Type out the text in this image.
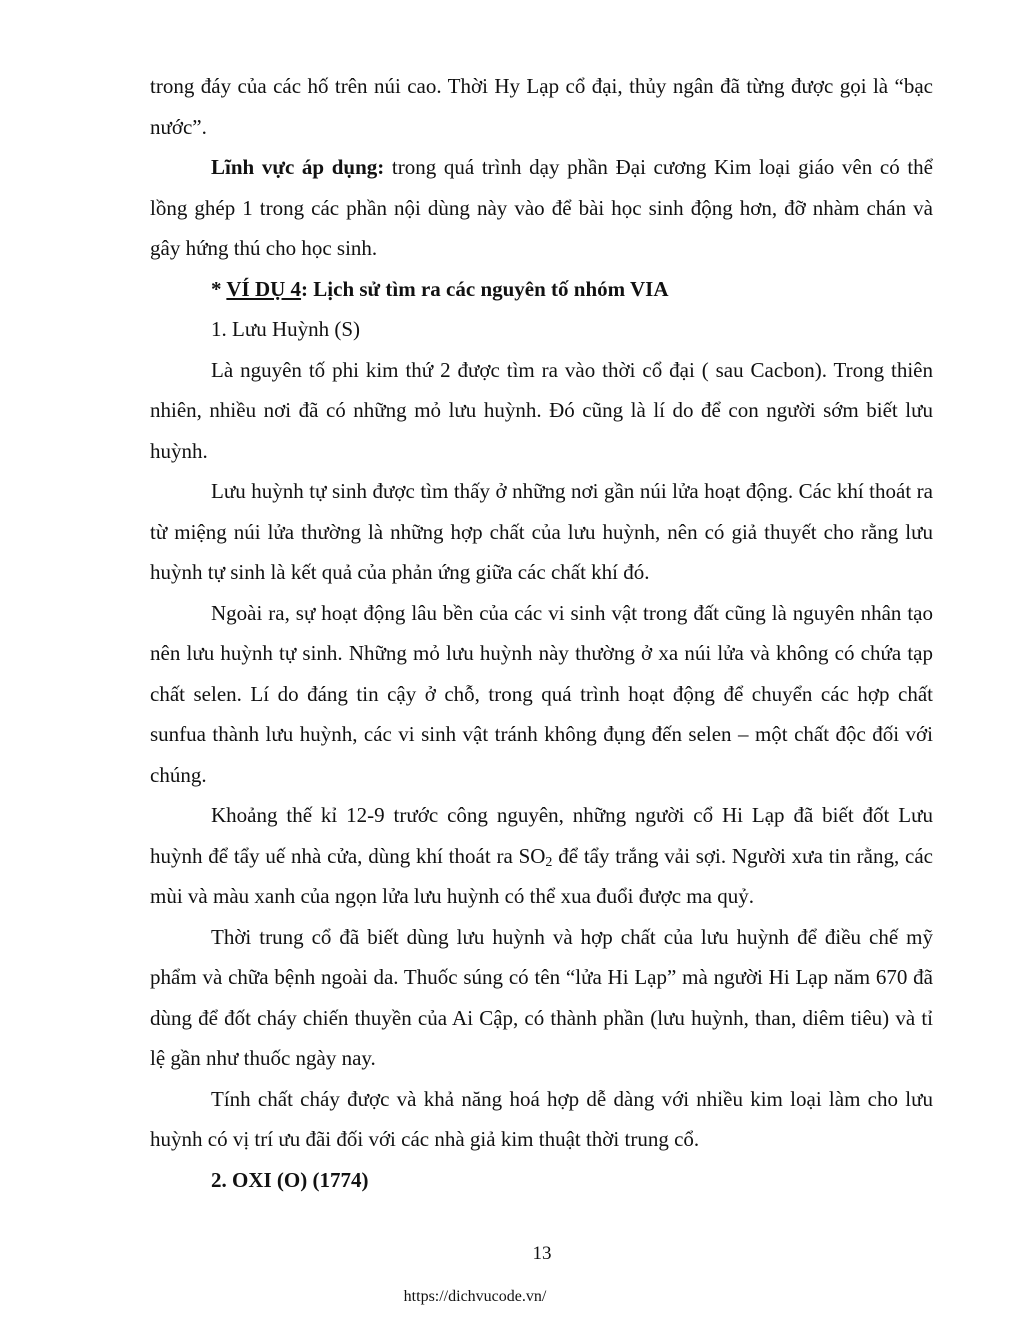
trong đáy của các hố trên núi cao. Thời Hy Lạp cổ đại, thủy ngân đã từng được gọi là “bạc nước”.

Lĩnh vực áp dụng: trong quá trình dạy phần Đại cương Kim loại giáo vên có thể lồng ghép 1 trong các phần nội dùng này vào để bài học sinh động hơn, đỡ nhàm chán và gây hứng thú cho học sinh.

* VÍ DỤ 4: Lịch sử tìm ra các nguyên tố nhóm VIA

1. Lưu Huỳnh (S)

Là nguyên tố phi kim thứ 2 được tìm ra vào thời cổ đại ( sau Cacbon). Trong thiên nhiên, nhiều nơi đã có những mỏ lưu huỳnh. Đó cũng là lí do để con người sớm biết lưu huỳnh.

Lưu huỳnh tự sinh được tìm thấy ở những nơi gần núi lửa hoạt động. Các khí thoát ra từ miệng núi lửa thường là những hợp chất của lưu huỳnh, nên có giả thuyết cho rằng lưu huỳnh tự sinh là kết quả của phản ứng giữa các chất khí đó.

Ngoài ra, sự hoạt động lâu bền của các vi sinh vật trong đất cũng là nguyên nhân tạo nên lưu huỳnh tự sinh. Những mỏ lưu huỳnh này thường ở xa núi lửa và không có chứa tạp chất selen. Lí do đáng tin cậy ở chỗ, trong quá trình hoạt động để chuyển các hợp chất sunfua thành lưu huỳnh, các vi sinh vật tránh không đụng đến selen – một chất độc đối với chúng.

Khoảng thế kỉ 12-9 trước công nguyên, những người cổ Hi Lạp đã biết đốt Lưu huỳnh để tẩy uế nhà cửa, dùng khí thoát ra $SO_2$ để tẩy trắng vải sợi. Người xưa tin rằng, các mùi và màu xanh của ngọn lửa lưu huỳnh có thể xua đuổi được ma quỷ.

Thời trung cổ đã biết dùng lưu huỳnh và hợp chất của lưu huỳnh để điều chế mỹ phẩm và chữa bệnh ngoài da. Thuốc súng có tên “lửa Hi Lạp” mà người Hi Lạp năm 670 đã dùng để đốt cháy chiến thuyền của Ai Cập, có thành phần (lưu huỳnh, than, diêm tiêu) và tỉ lệ gần như thuốc ngày nay.

Tính chất cháy được và khả năng hoá hợp dễ dàng với nhiều kim loại làm cho lưu huỳnh có vị trí ưu đãi đối với các nhà giả kim thuật thời trung cổ.

2. OXI (O) (1774)

13
https://dichvucode.vn/
